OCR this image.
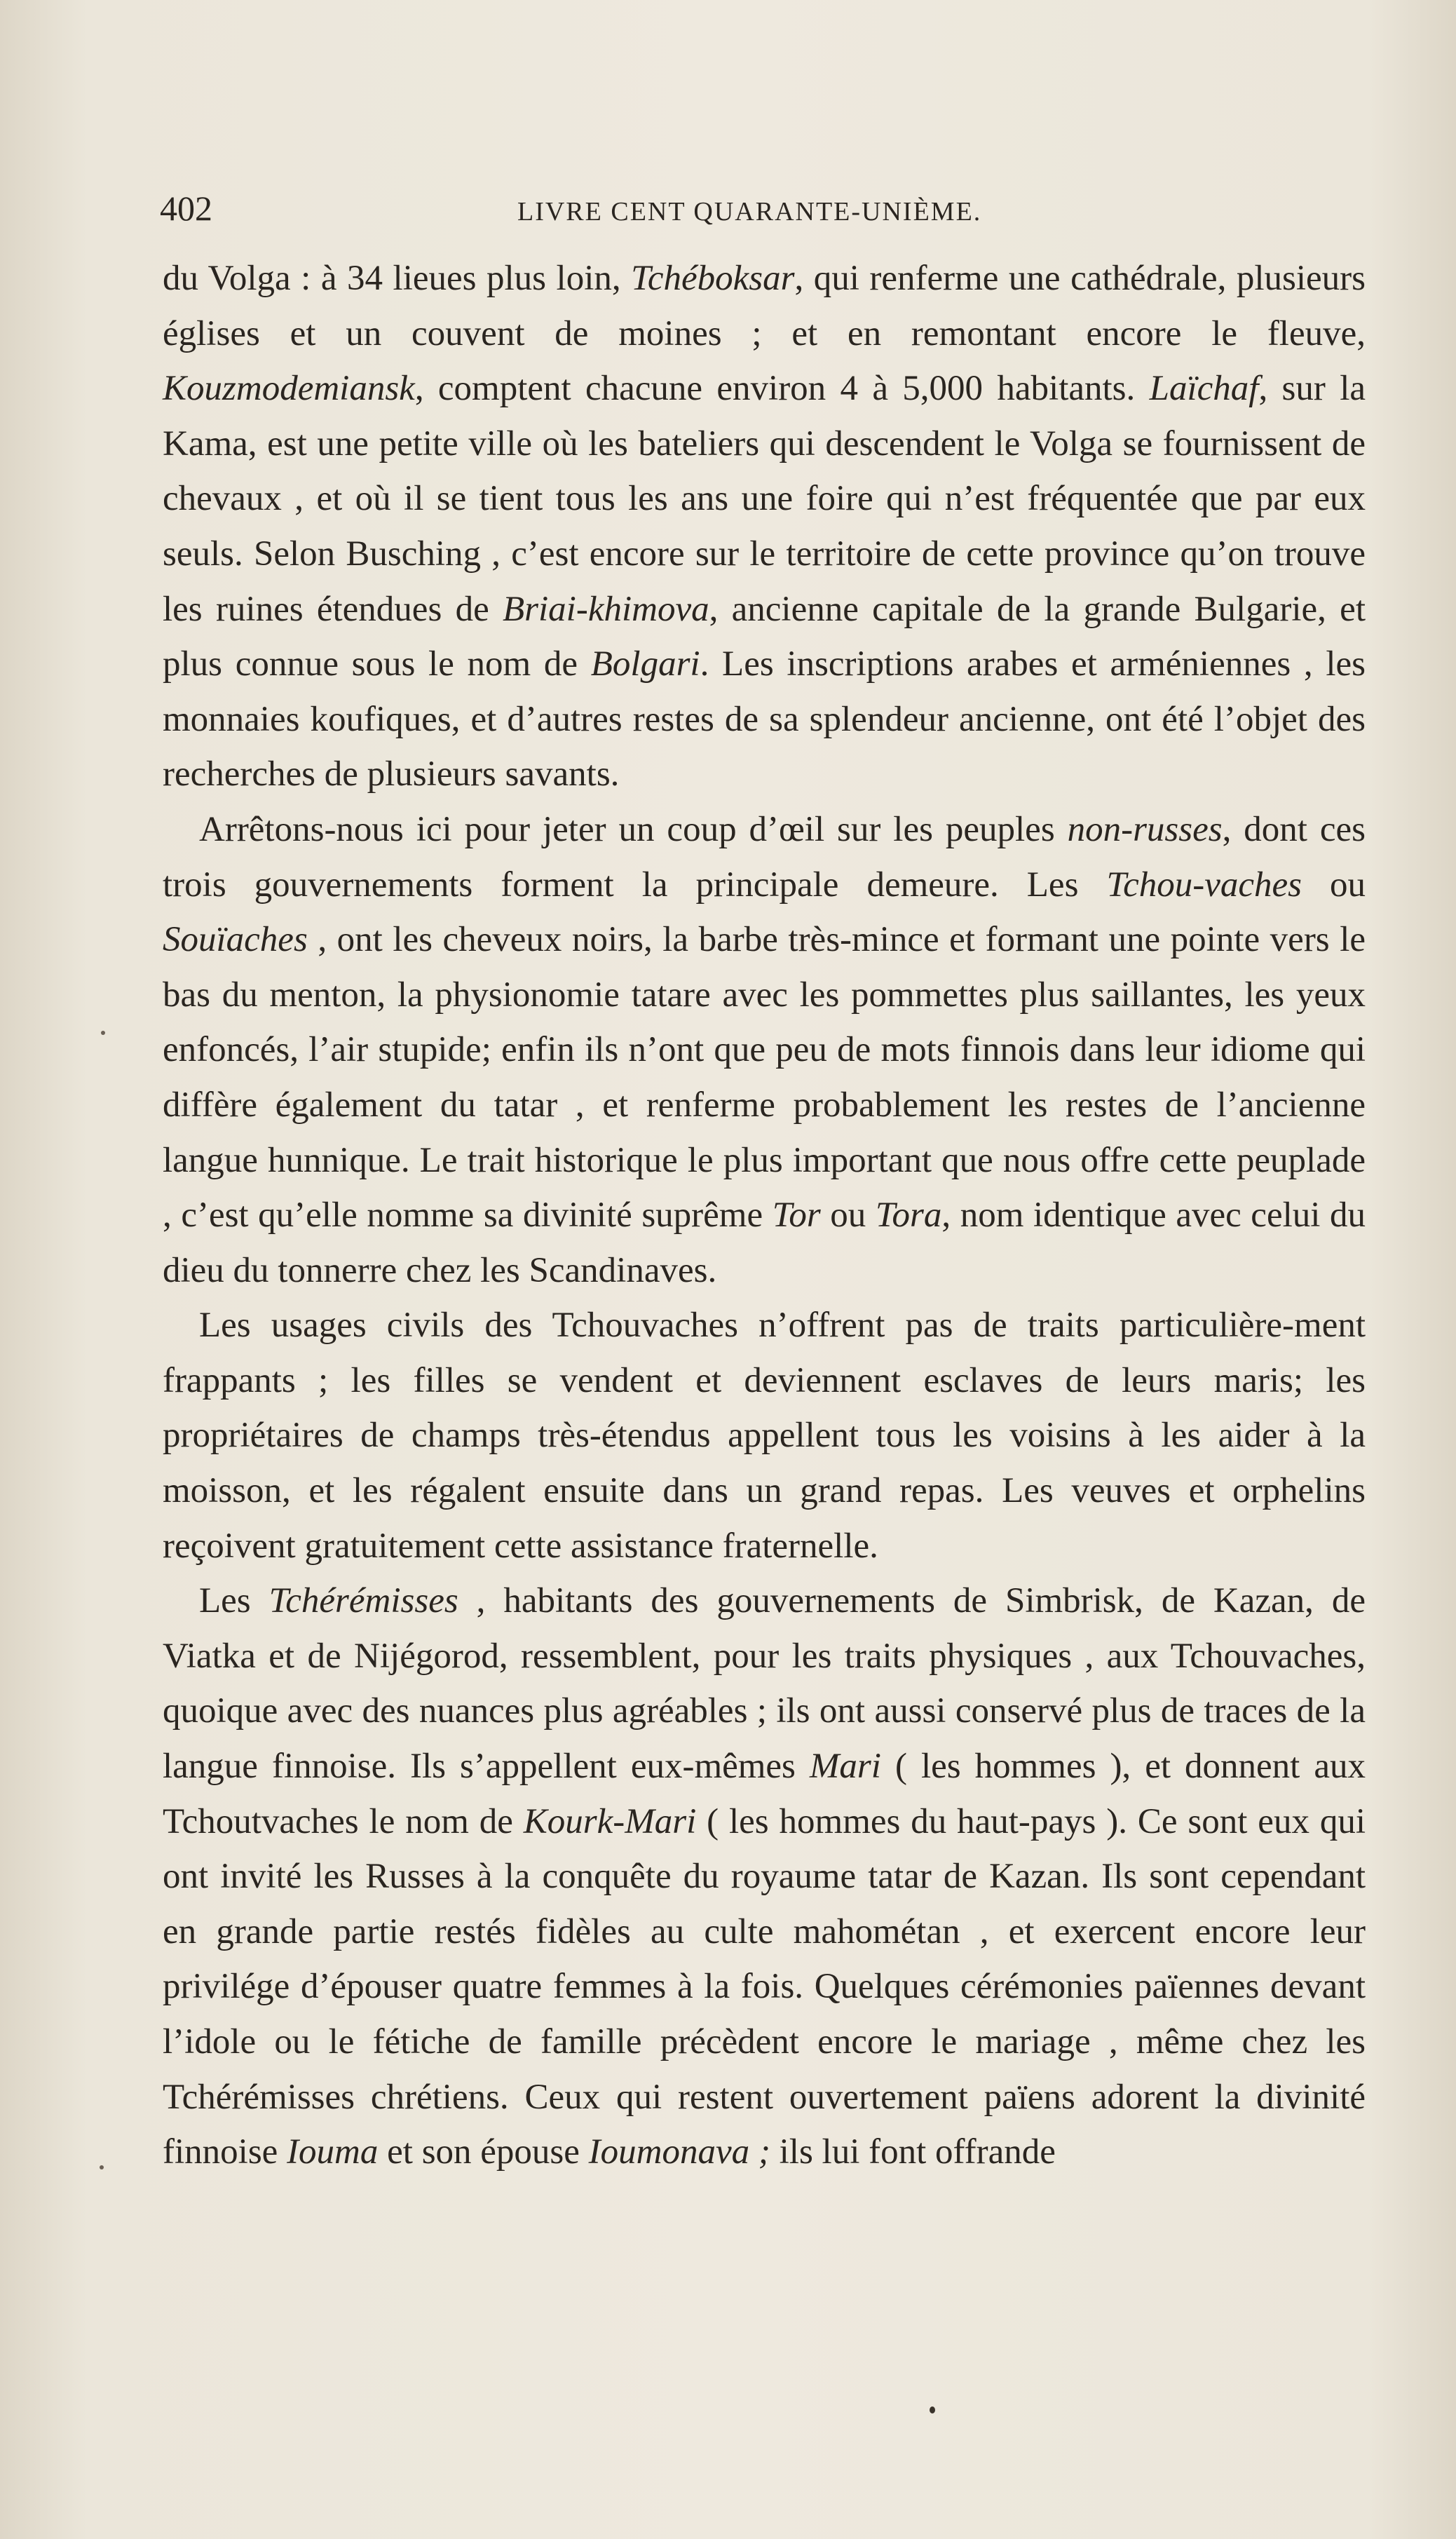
402	LIVRE CENT QUARANTE-UNIÈME.

du Volga : à 34 lieues plus loin, Tchéboksar, qui renferme une cathédrale, plusieurs églises et un couvent de moines ; et en remontant encore le fleuve, Kouzmodemiansk, comptent chacune environ 4 à 5,000 habitants. Laïchaf, sur la Kama, est une petite ville où les bateliers qui descendent le Volga se fournissent de chevaux , et où il se tient tous les ans une foire qui n’est fréquentée que par eux seuls. Selon Busching , c’est encore sur le territoire de cette province qu’on trouve les ruines étendues de Briai-khimova, ancienne capitale de la grande Bulgarie, et plus connue sous le nom de Bolgari. Les inscriptions arabes et arméniennes , les monnaies koufiques, et d’autres restes de sa splendeur ancienne, ont été l’objet des recherches de plusieurs savants.

Arrêtons-nous ici pour jeter un coup d’œil sur les peuples non-russes, dont ces trois gouvernements forment la principale demeure. Les Tchou-vaches ou Souïaches , ont les cheveux noirs, la barbe très-mince et formant une pointe vers le bas du menton, la physionomie tatare avec les pommettes plus saillantes, les yeux enfoncés, l’air stupide; enfin ils n’ont que peu de mots finnois dans leur idiome qui diffère également du tatar , et renferme probablement les restes de l’ancienne langue hunnique. Le trait historique le plus important que nous offre cette peuplade , c’est qu’elle nomme sa divinité suprême Tor ou Tora, nom identique avec celui du dieu du tonnerre chez les Scandinaves.

Les usages civils des Tchouvaches n’offrent pas de traits particulière-ment frappants ; les filles se vendent et deviennent esclaves de leurs maris; les propriétaires de champs très-étendus appellent tous les voisins à les aider à la moisson, et les régalent ensuite dans un grand repas. Les veuves et orphelins reçoivent gratuitement cette assistance fraternelle.

Les Tchérémisses , habitants des gouvernements de Simbrisk, de Kazan, de Viatka et de Nijégorod, ressemblent, pour les traits physiques , aux Tchouvaches, quoique avec des nuances plus agréables ; ils ont aussi conservé plus de traces de la langue finnoise. Ils s’appellent eux-mêmes Mari ( les hommes ), et donnent aux Tchoutvaches le nom de Kourk-Mari ( les hommes du haut-pays ). Ce sont eux qui ont invité les Russes à la conquête du royaume tatar de Kazan. Ils sont cependant en grande partie restés fidèles au culte mahométan , et exercent encore leur privilége d’épouser quatre femmes à la fois. Quelques cérémonies païennes devant l’idole ou le fétiche de famille précèdent encore le mariage , même chez les Tchérémisses chrétiens. Ceux qui restent ouvertement païens adorent la divinité finnoise Iouma et son épouse Ioumonava ; ils lui font offrande
